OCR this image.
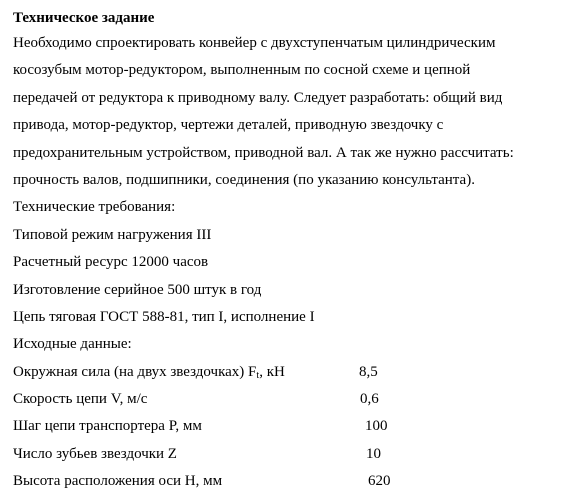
Техническое задание
Необходимо спроектировать конвейер с двухступенчатым цилиндрическим
косозубым мотор-редуктором, выполненным по сосной схеме и цепной
передачей от редуктора к приводному валу. Следует разработать: общий вид
привода, мотор-редуктор, чертежи деталей, приводную звездочку с
предохранительным устройством, приводной вал. А так же нужно рассчитать:
прочность валов, подшипники, соединения (по указанию консультанта).
Технические требования:
Типовой режим нагружения III
Расчетный ресурс 12000 часов
Изготовление серийное 500 штук в год
Цепь тяговая ГОСТ 588-81, тип I, исполнение I
Исходные данные:
Окружная сила (на двух звездочках) $F_t$, кН	8,5
Скорость цепи V, м/с	0,6
Шаг цепи транспортера P, мм	100
Число зубьев звездочки Z	10
Высота расположения оси H, мм	620
